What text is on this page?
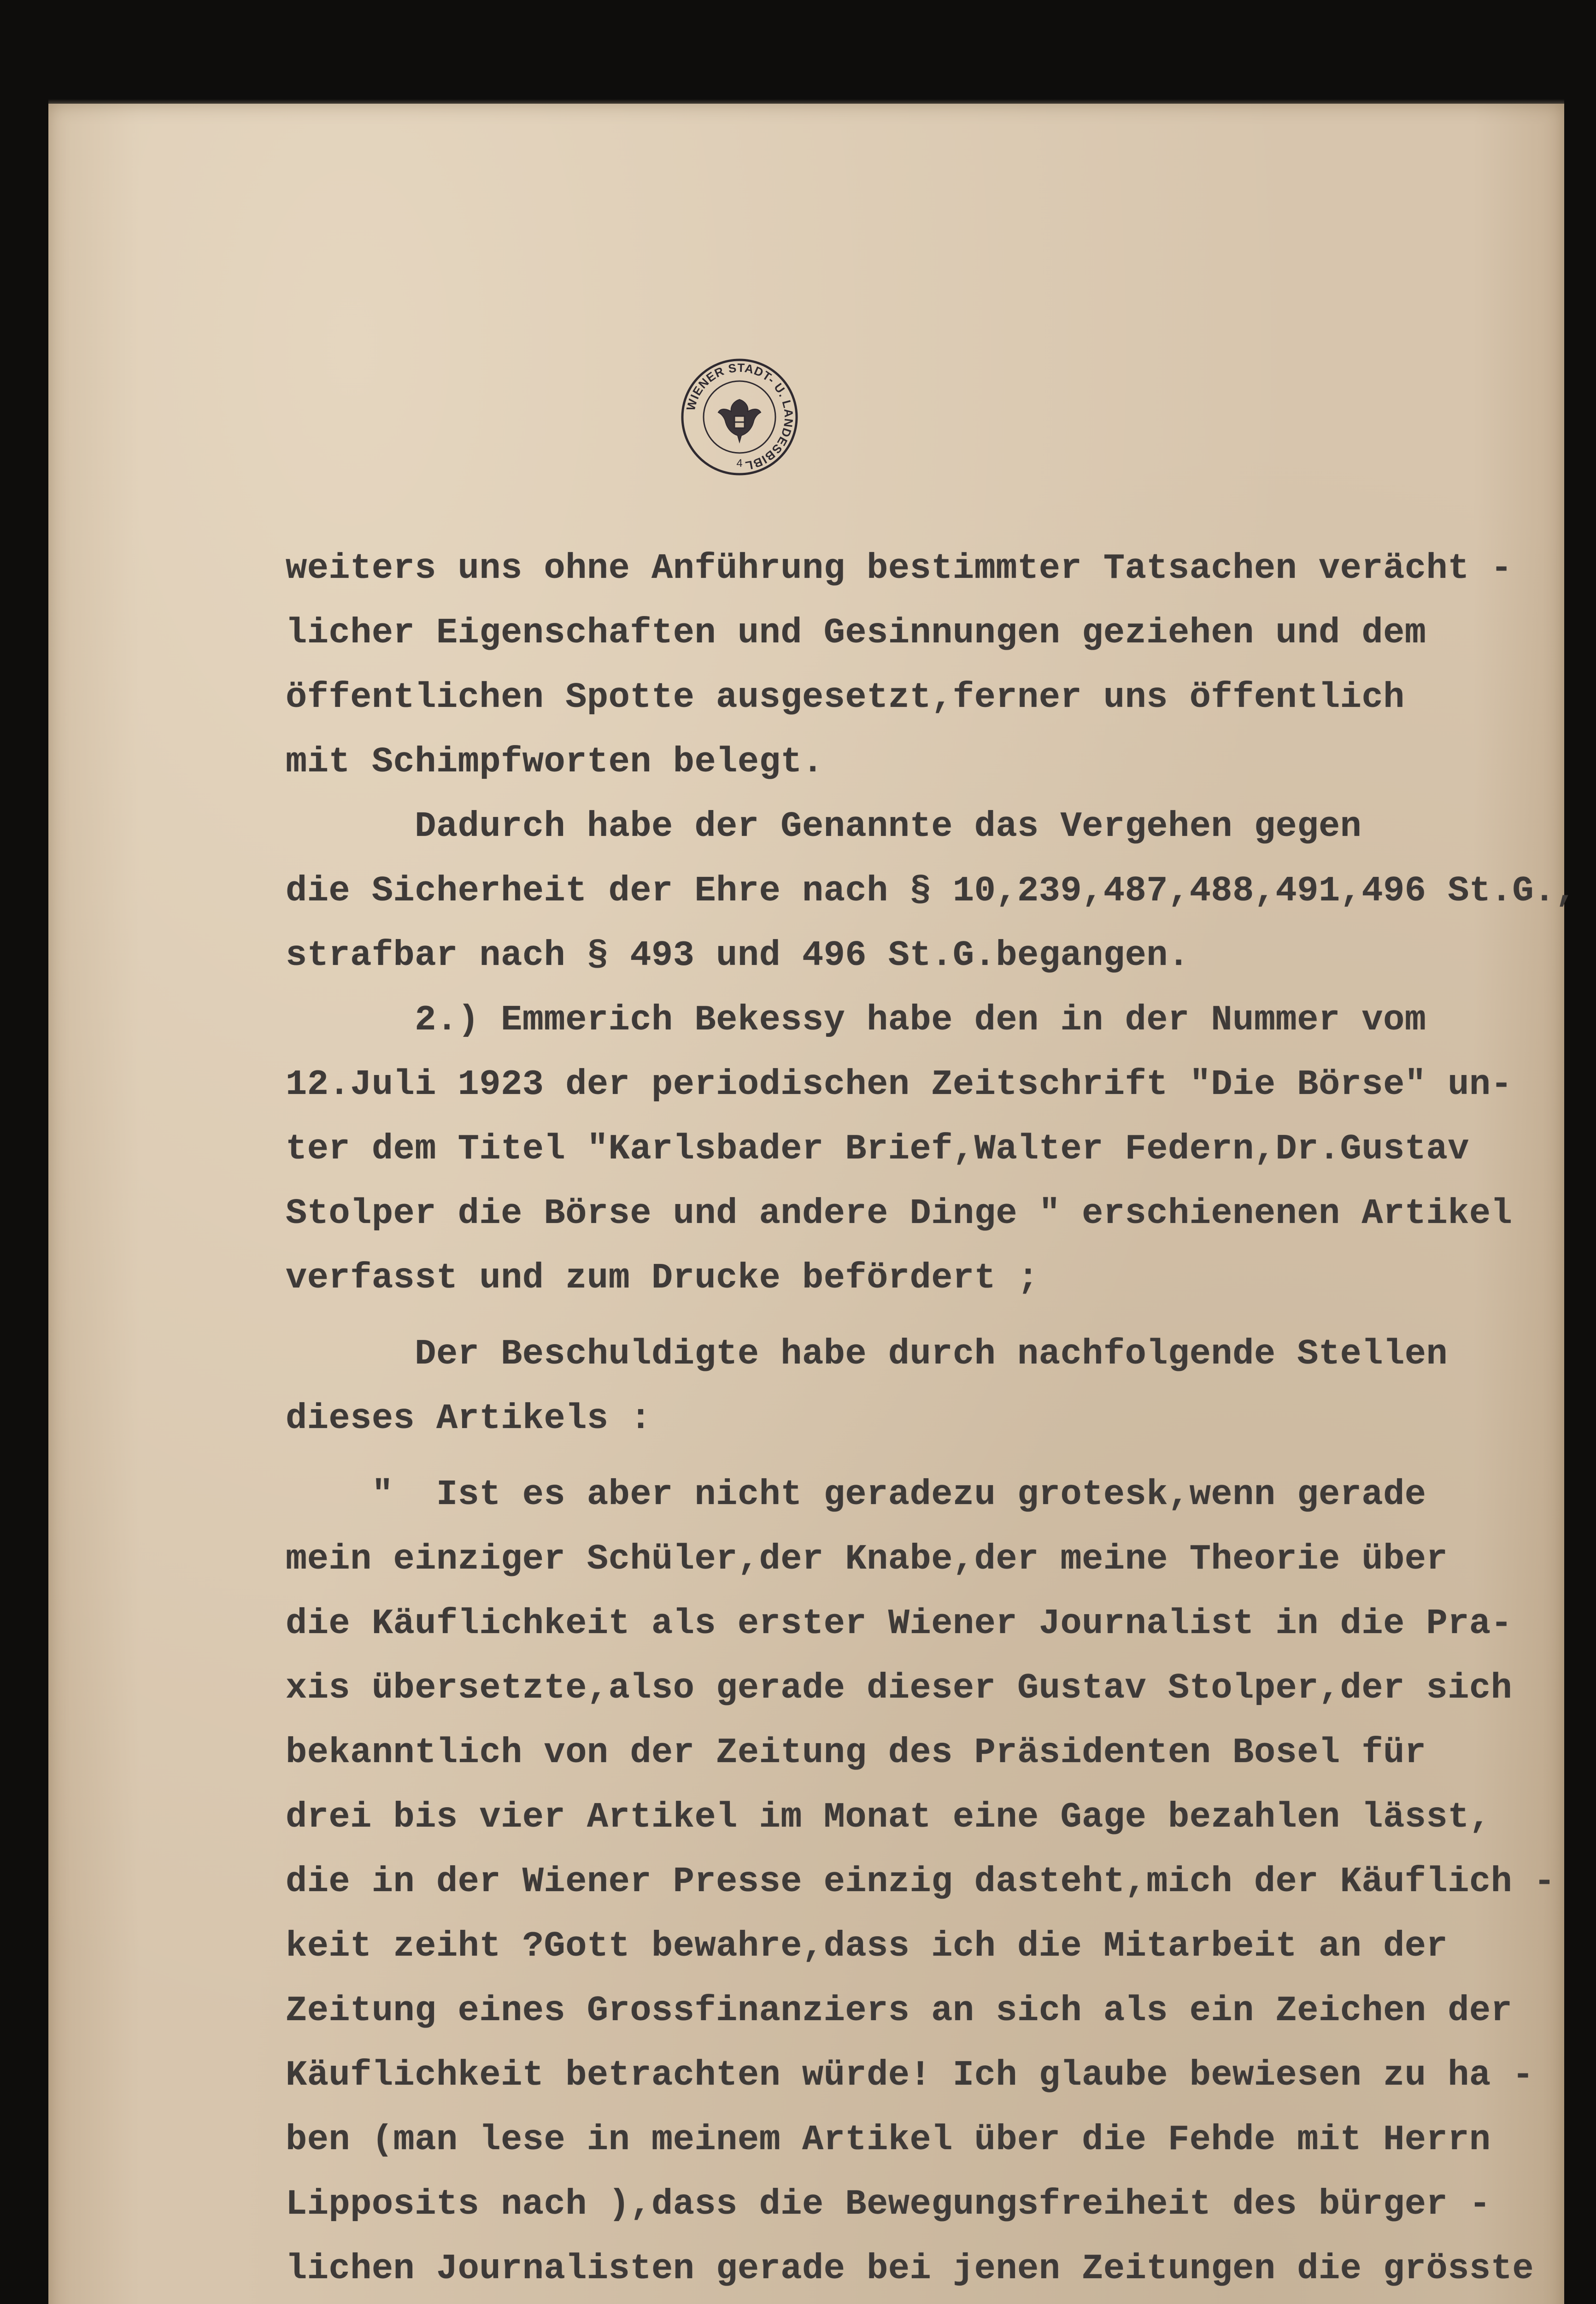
WIENER STADT- U. LANDESBIBL
4
weiters uns ohne Anführung bestimmter Tatsachen verächt -
licher Eigenschaften und Gesinnungen geziehen und dem
öffentlichen Spotte ausgesetzt,ferner uns öffentlich
mit Schimpfworten belegt.
Dadurch habe der Genannte das Vergehen gegen
die Sicherheit der Ehre nach § 10,239,487,488,491,496 St.G.,
strafbar nach § 493 und 496 St.G.begangen.
2.) Emmerich Bekessy habe den in der Nummer vom
12.Juli 1923 der periodischen Zeitschrift "Die Börse" un-
ter dem Titel "Karlsbader Brief,Walter Federn,Dr.Gustav
Stolper die Börse und andere Dinge " erschienenen Artikel
verfasst und zum Drucke befördert ;
Der Beschuldigte habe durch nachfolgende Stellen
dieses Artikels :
"  Ist es aber nicht geradezu grotesk,wenn gerade
mein einziger Schüler,der Knabe,der meine Theorie über
die Käuflichkeit als erster Wiener Journalist in die Pra-
xis übersetzte,also gerade dieser Gustav Stolper,der sich
bekanntlich von der Zeitung des Präsidenten Bosel für
drei bis vier Artikel im Monat eine Gage bezahlen lässt,
die in der Wiener Presse einzig dasteht,mich der Käuflich -
keit zeiht ?Gott bewahre,dass ich die Mitarbeit an der
Zeitung eines Grossfinanziers an sich als ein Zeichen der
Käuflichkeit betrachten würde! Ich glaube bewiesen zu ha -
ben (man lese in meinem Artikel über die Fehde mit Herrn
Lipposits nach ),dass die Bewegungsfreiheit des bürger -
lichen Journalisten gerade bei jenen Zeitungen die grösste
